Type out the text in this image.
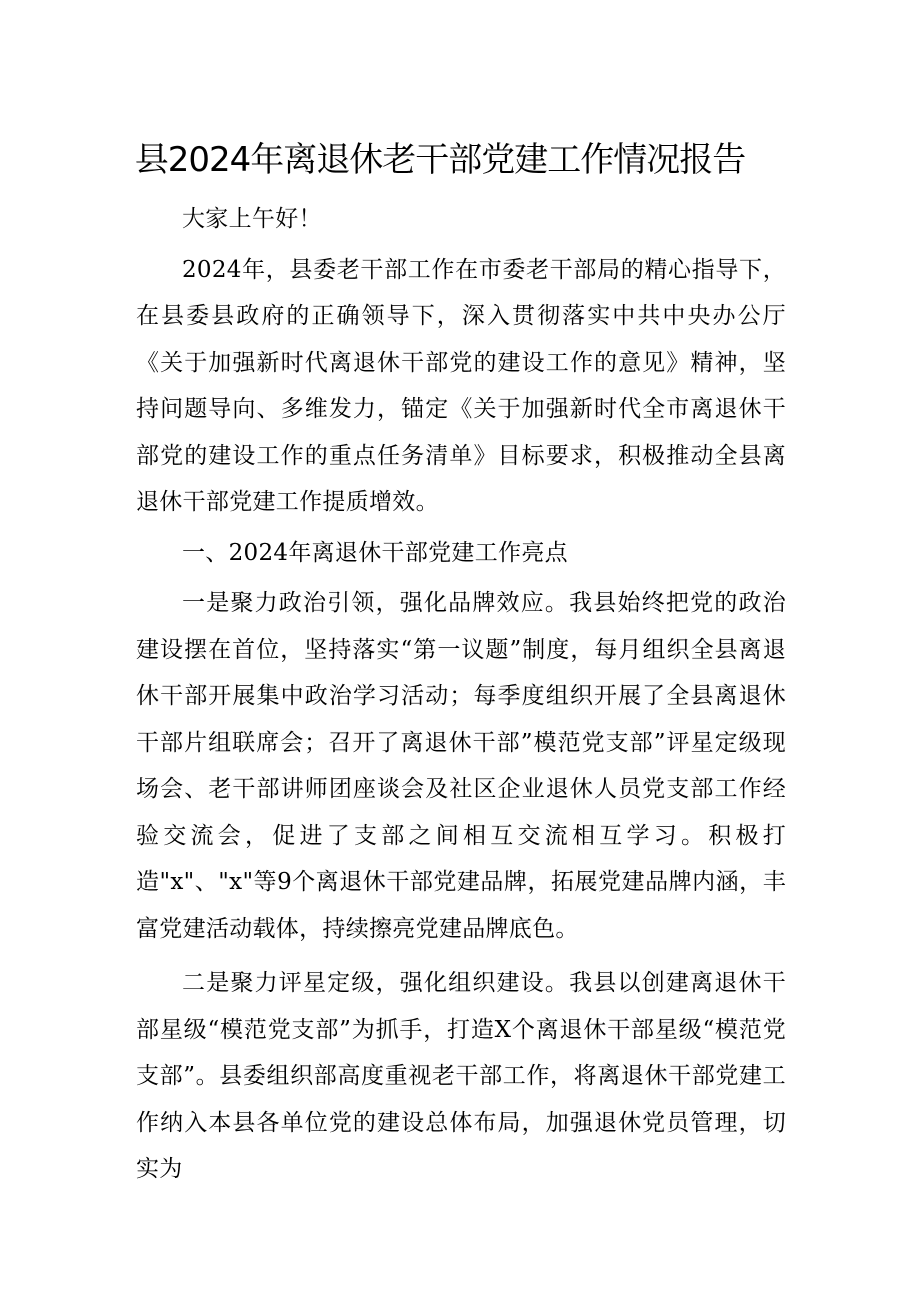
县2024年离退休老干部党建工作情况报告

大家上午好！

2024年，县委老干部工作在市委老干部局的精心指导下，在县委县政府的正确领导下，深入贯彻落实中共中央办公厅《关于加强新时代离退休干部党的建设工作的意见》精神，坚持问题导向、多维发力，锚定《关于加强新时代全市离退休干部党的建设工作的重点任务清单》目标要求，积极推动全县离退休干部党建工作提质增效。

一、2024年离退休干部党建工作亮点

一是聚力政治引领，强化品牌效应。我县始终把党的政治建设摆在首位，坚持落实“第一议题”制度，每月组织全县离退休干部开展集中政治学习活动；每季度组织开展了全县离退休干部片组联席会；召开了离退休干部”模范党支部”评星定级现场会、老干部讲师团座谈会及社区企业退休人员党支部工作经验交流会，促进了支部之间相互交流相互学习。积极打造"x"、"x"等9个离退休干部党建品牌，拓展党建品牌内涵，丰富党建活动载体，持续擦亮党建品牌底色。

二是聚力评星定级，强化组织建设。我县以创建离退休干部星级“模范党支部”为抓手，打造X个离退休干部星级“模范党支部”。县委组织部高度重视老干部工作，将离退休干部党建工作纳入本县各单位党的建设总体布局，加强退休党员管理，切实为
